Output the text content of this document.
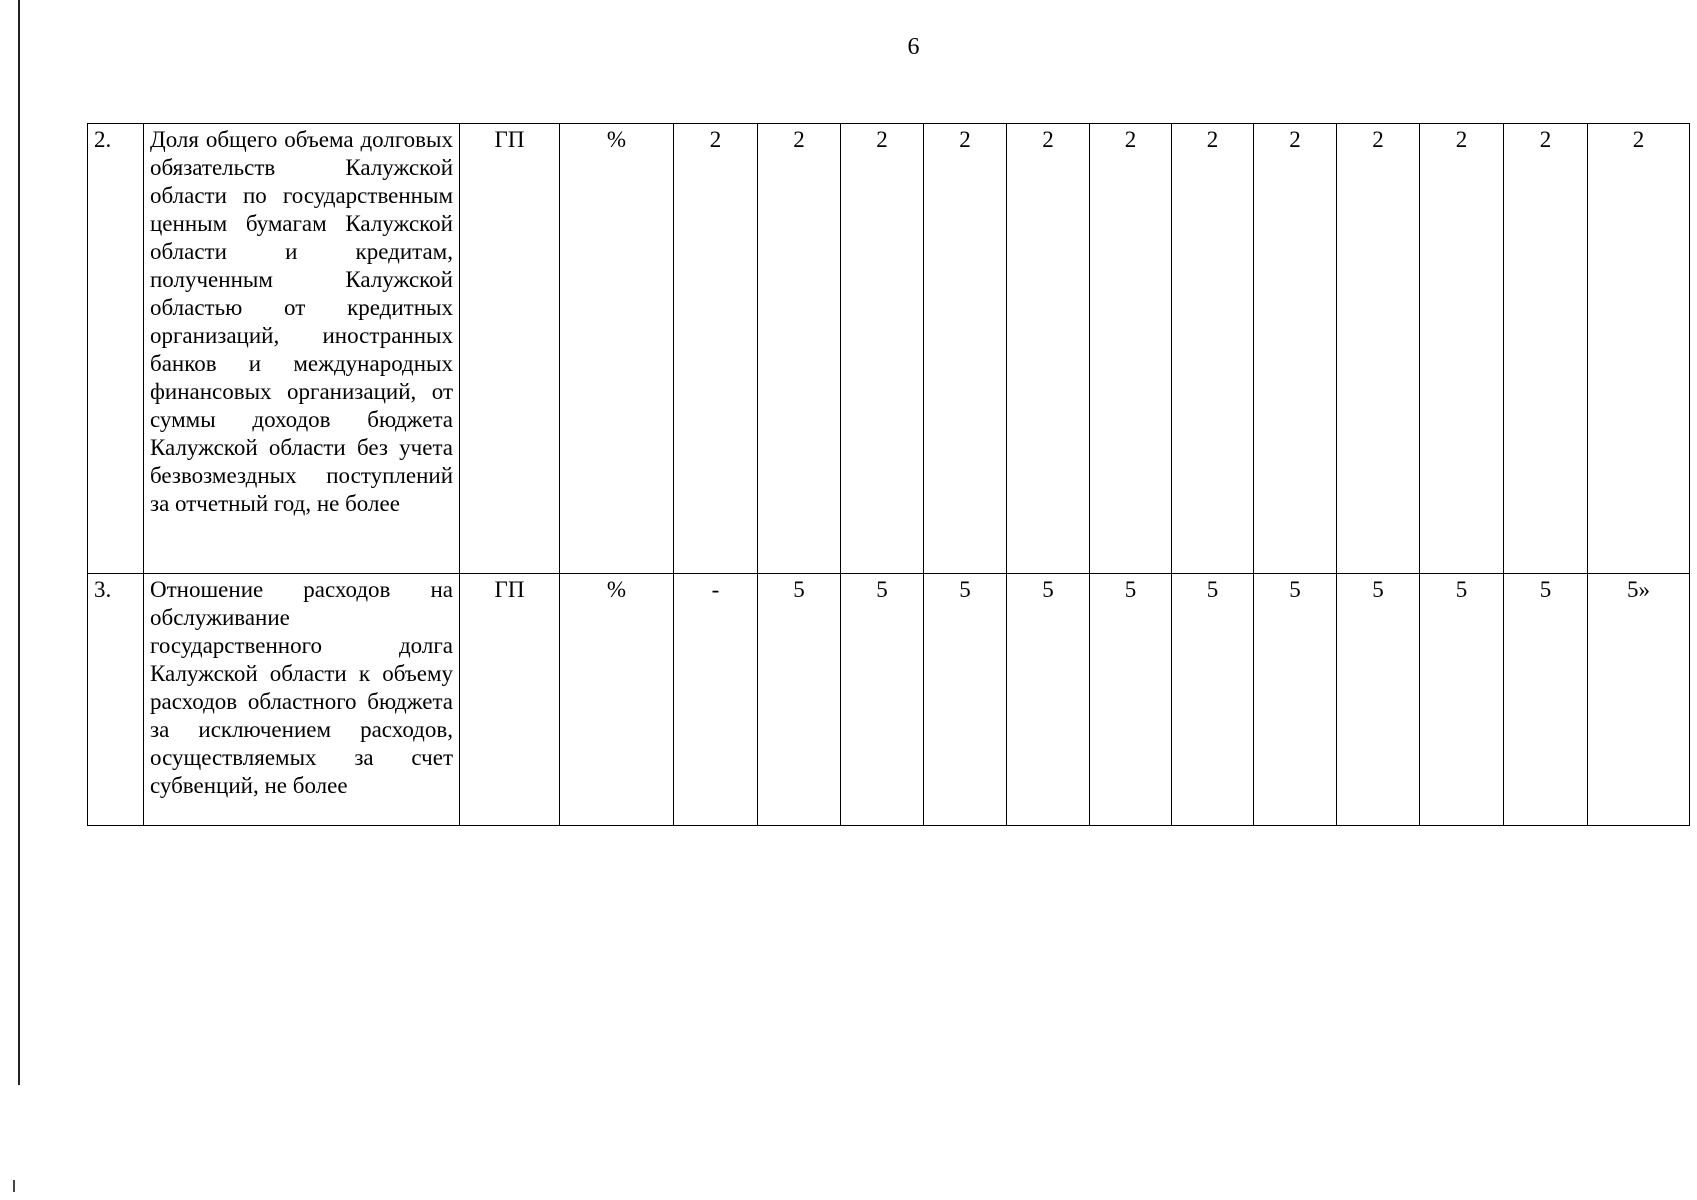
6
2.	Доля общего объема долговых обязательств Калужской области по государственным ценным бумагам Калужской области и кредитам, полученным Калужской областью от кредитных организаций, иностранных банков и международных финансовых организаций, от суммы доходов бюджета Калужской области без учета безвозмездных поступлений за отчетный год, не более	ГП	%	2	2	2	2	2	2	2	2	2	2	2	2
3.	Отношение расходов на обслуживание государственного долга Калужской области к объему расходов областного бюджета за исключением расходов, осуществляемых за счет субвенций, не более	ГП	%	-	5	5	5	5	5	5	5	5	5	5	5»
